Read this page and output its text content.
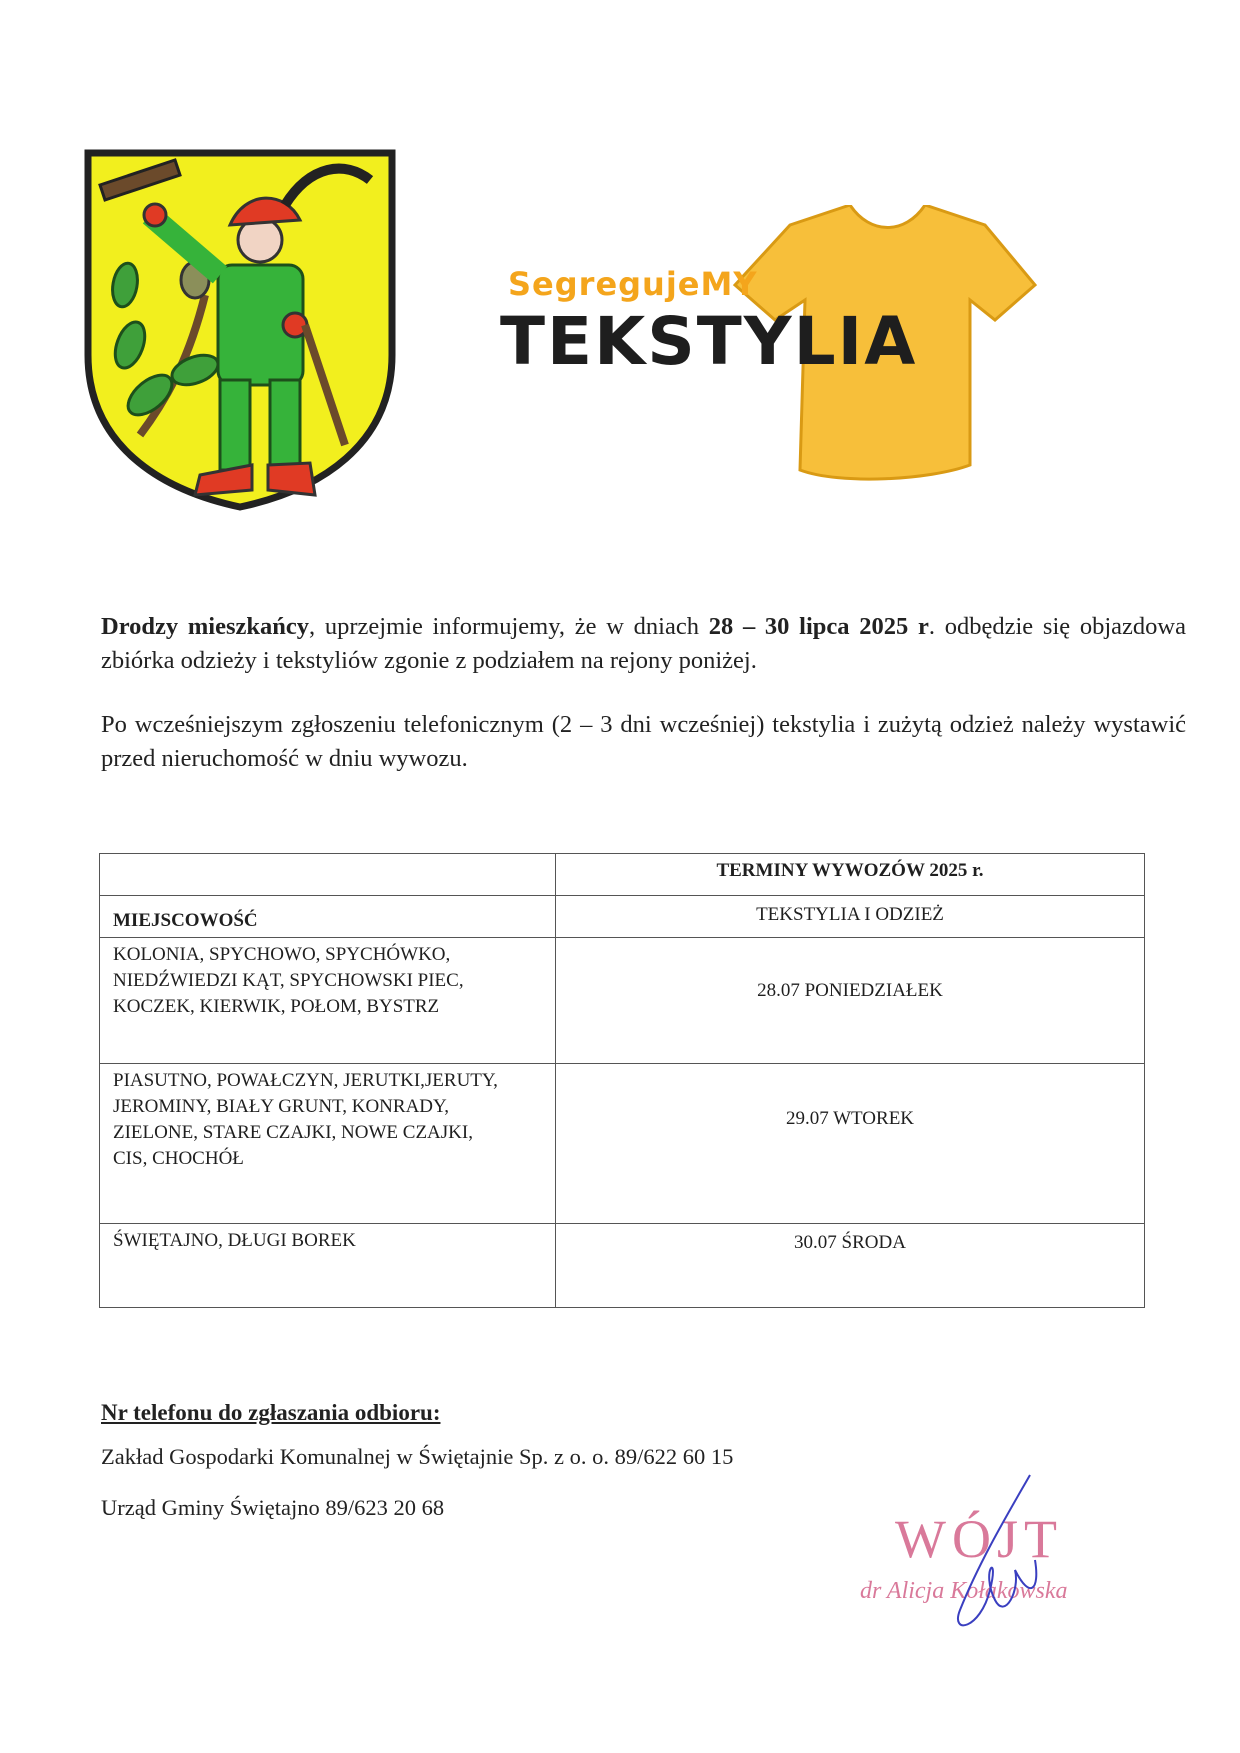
SegregujeMY
TEKSTYLIA
Drodzy mieszkańcy, uprzejmie informujemy, że w dniach 28 – 30 lipca 2025 r. odbędzie się objazdowa zbiórka odzieży i tekstyliów zgonie z podziałem na rejony poniżej.
Po wcześniejszym zgłoszeniu telefonicznym (2 – 3 dni wcześniej) tekstylia i zużytą odzież należy wystawić przed nieruchomość w dniu wywozu.

	TERMINY WYWOZÓW 2025 r.

MIEJSCOWOŚĆ	TEKSTYLIA I ODZIEŻ

KOLONIA, SPYCHOWO, SPYCHÓWKO, NIEDŹWIEDZI KĄT, SPYCHOWSKI PIEC, KOCZEK, KIERWIK, POŁOM, BYSTRZ	28.07 PONIEDZIAŁEK

PIASUTNO, POWAŁCZYN, JERUTKI,JERUTY, JEROMINY, BIAŁY GRUNT, KONRADY, ZIELONE, STARE CZAJKI, NOWE CZAJKI, CIS, CHOCHÓŁ	29.07 WTOREK

ŚWIĘTAJNO, DŁUGI BOREK	30.07 ŚRODA
Nr telefonu do zgłaszania odbioru:
Zakład Gospodarki Komunalnej w Świętajnie Sp. z o. o. 89/622 60 15
Urząd Gminy Świętajno 89/623 20 68
WÓJT
dr Alicja Kołakowska
